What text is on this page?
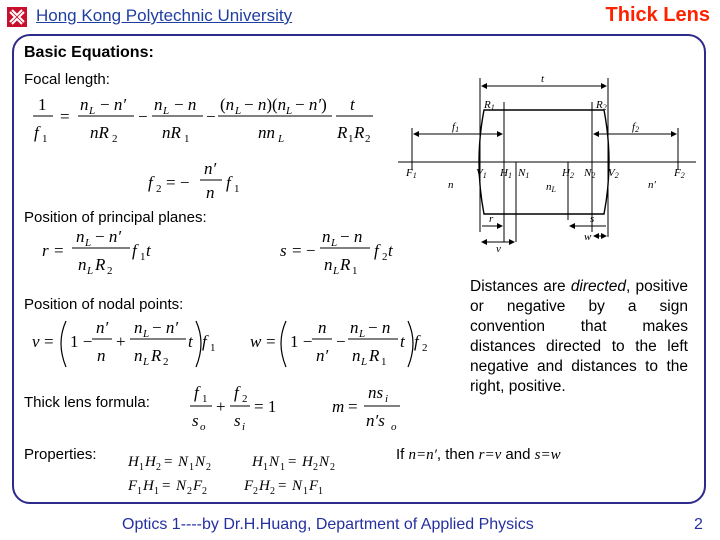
Hong Kong Polytechnic University	Thick Lens
Basic Equations:
Focal length:
Position of principal planes:
Position of nodal points:
Thick lens formula:
Properties:
1
f 1
=
n L − n′
nR 2
−
n L − n
nR 1
−
(n L − n)(n L − n′)
nn L
t
R 1 R 2
f 2 = −
n′
n
f 1
r =
n L − n′
n L R 2
f 1 t	s = −
n L − n
n L R 1
f 2 t
v = 1 −
n′
n
+
n L − n′
n L R 2
t f 1 w = 1 −
n
n′
−
n L − n
n L R 1
t f 2
f 1
s o
+
f 2
s i
= 1	m =
ns i
n′s o
H 1 H 2 = N 1 N 2	H 1 N 1 = H 2 N 2
F 1 H 1 = N 2 F 2 F 2 H 2 = N 1 F 1
If n=n′, then r=v and s=w
Distances are directed, positive or negative by a sign convention that makes distances directed to the left negative and distances to the right, positive.
t
R1	R2
f1	f2
F1	V1 H1 N1	H2 N2 V2	F2
n	nL	n′
r	s
w
v
Optics 1----by Dr.H.Huang, Department of Applied Physics	2
